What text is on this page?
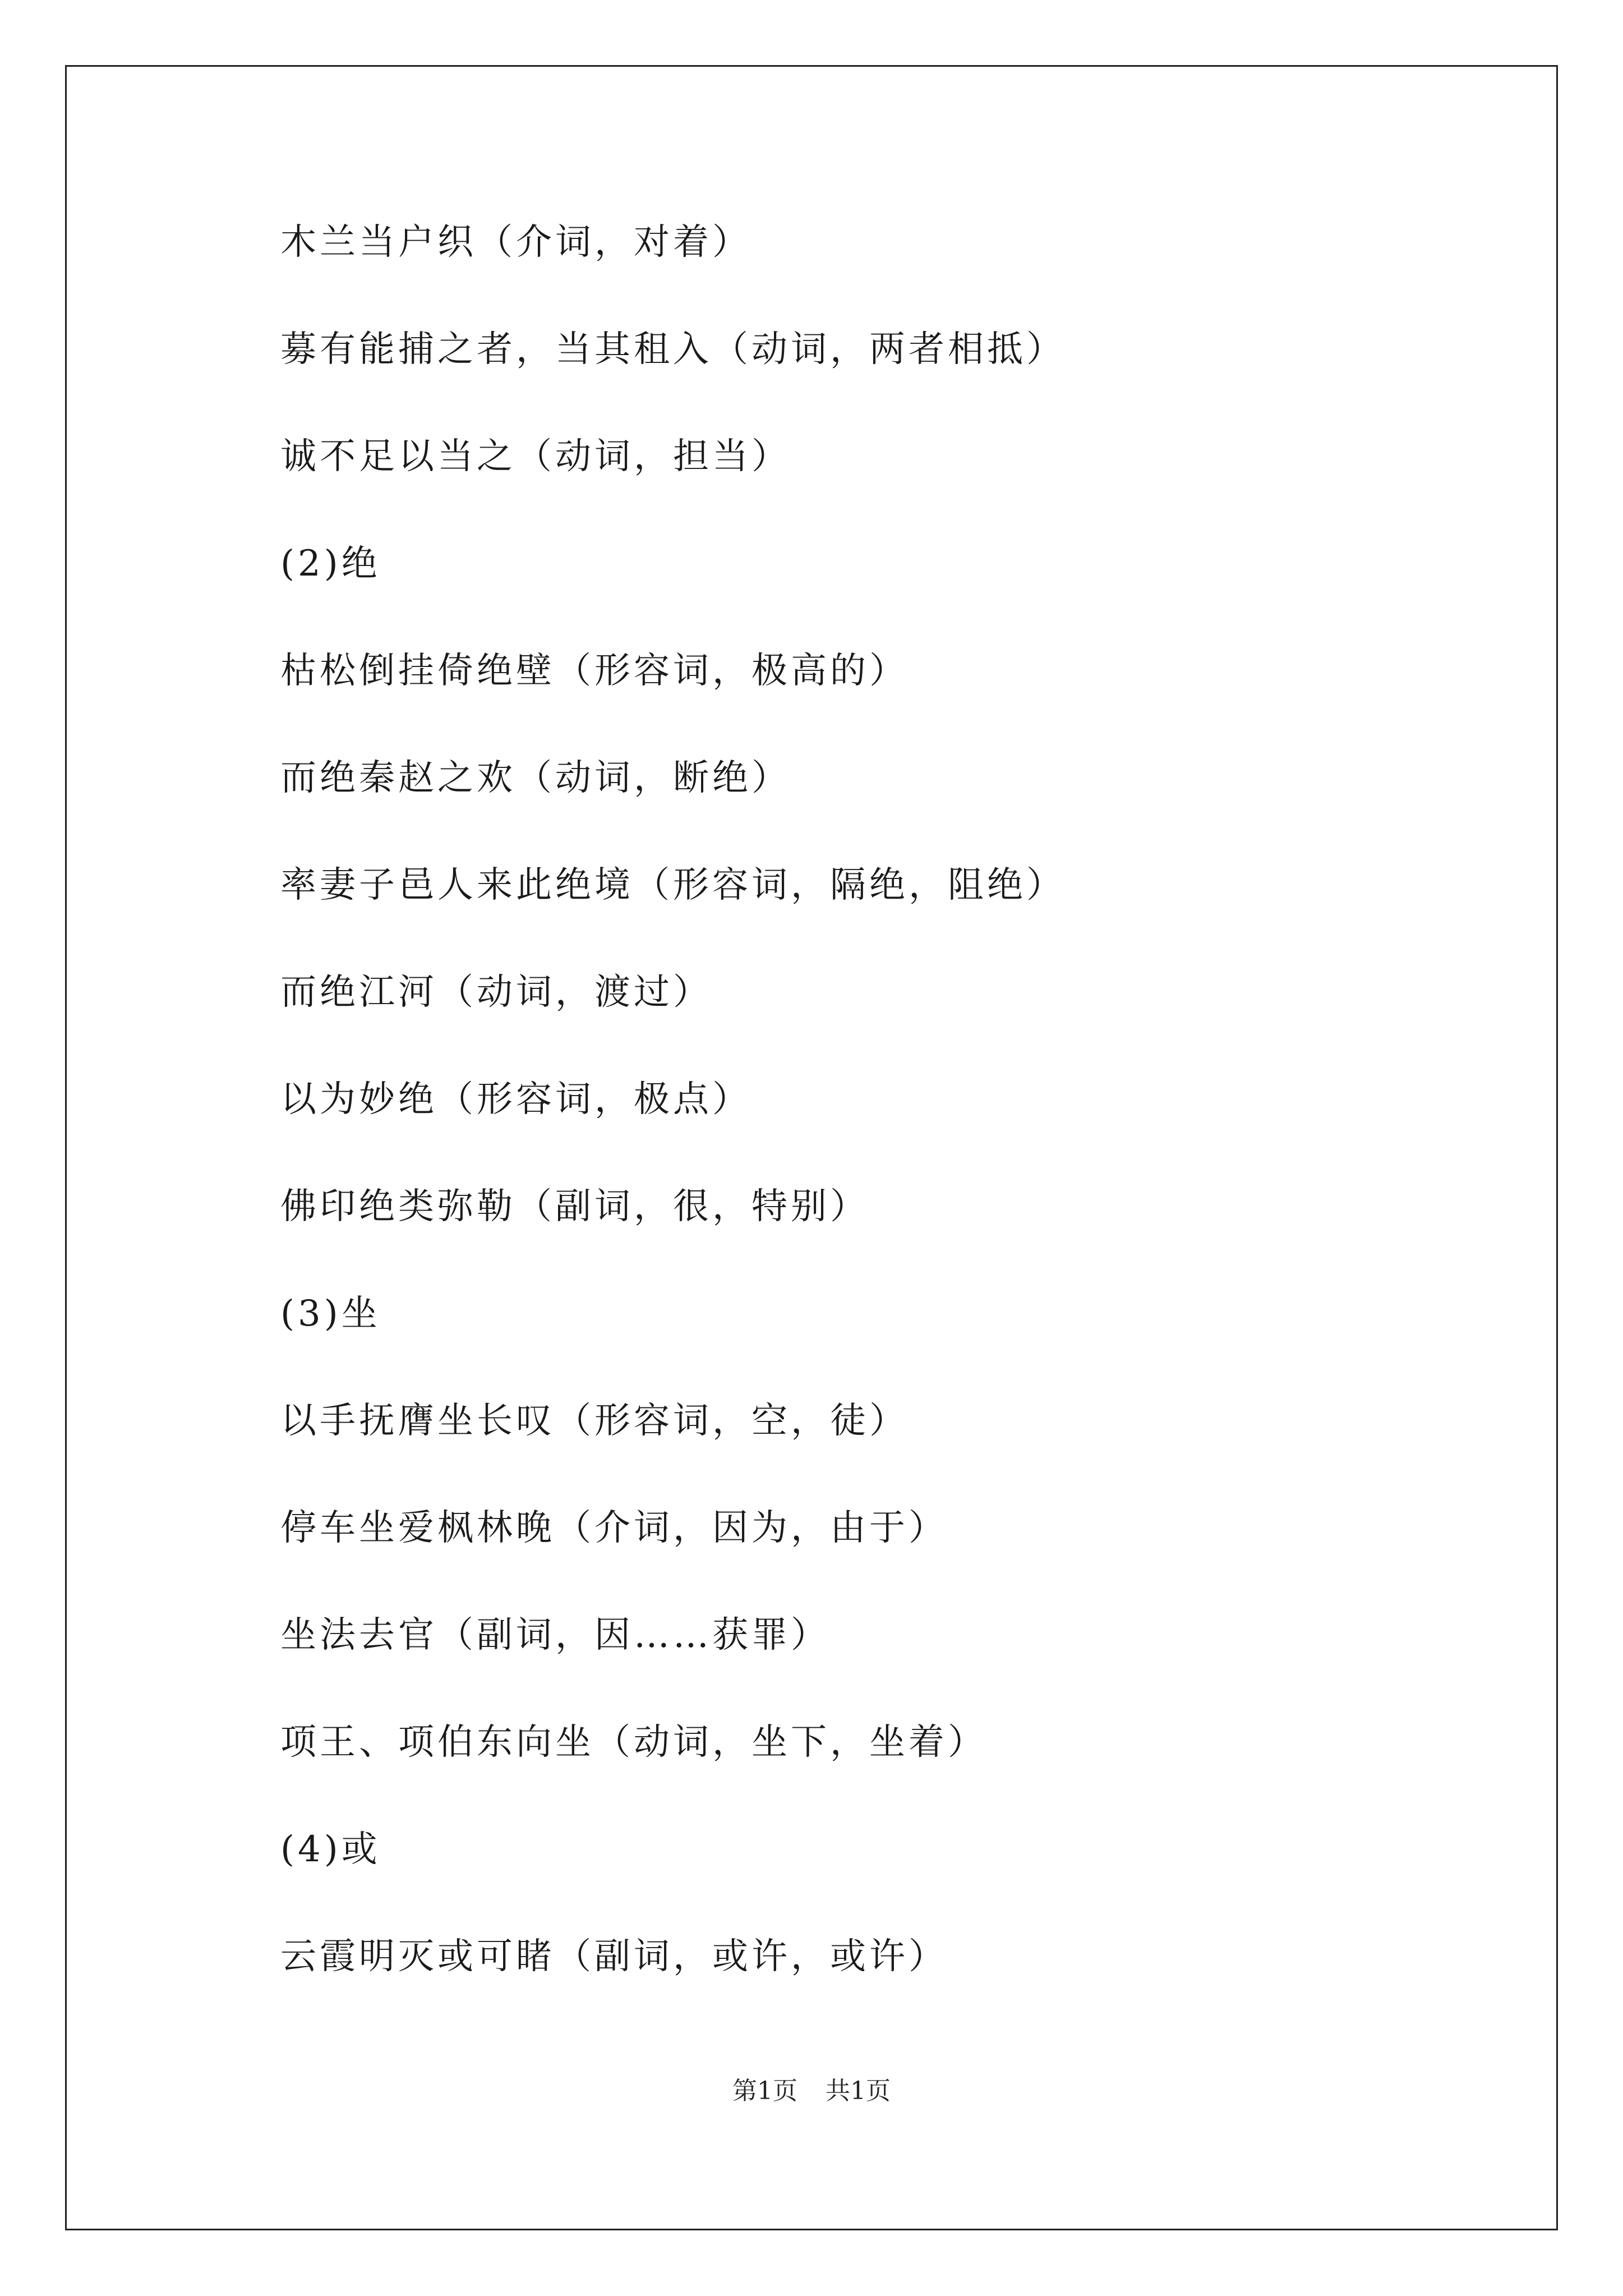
木兰当户织（介词，对着）
募有能捕之者，当其租入（动词，两者相抵）
诚不足以当之（动词，担当）
(2)绝
枯松倒挂倚绝壁（形容词，极高的）
而绝秦赵之欢（动词，断绝）
率妻子邑人来此绝境（形容词，隔绝，阻绝）
而绝江河（动词，渡过）
以为妙绝（形容词，极点）
佛印绝类弥勒（副词，很，特别）
(3)坐
以手抚膺坐长叹（形容词，空，徒）
停车坐爱枫林晚（介词，因为，由于）
坐法去官（副词，因……获罪）
项王、项伯东向坐（动词，坐下，坐着）
(4)或
云霞明灭或可睹（副词，或许，或许）
第1页 共1页
